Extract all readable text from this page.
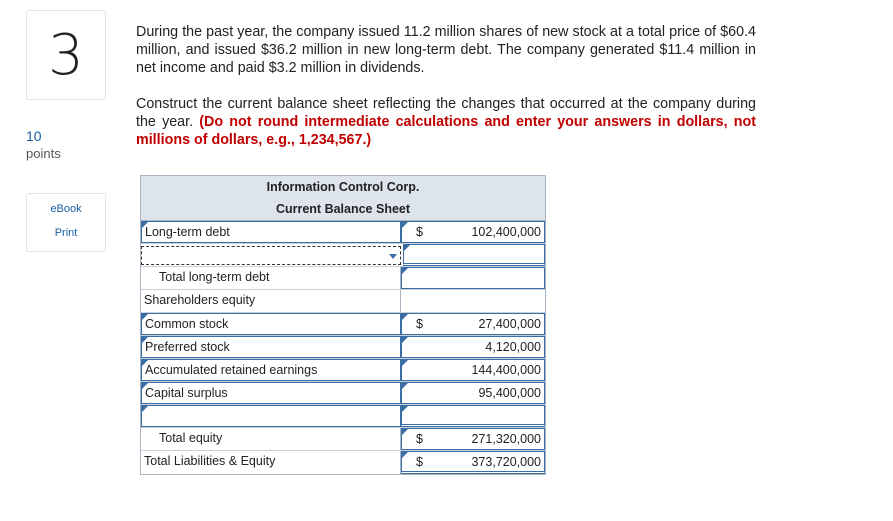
3
10
points
eBook
Print
During the past year, the company issued 11.2 million shares of new stock at a total price of $60.4 million, and issued $36.2 million in new long-term debt. The company generated $11.4 million in net income and paid $3.2 million in dividends.
Construct the current balance sheet reflecting the changes that occurred at the company during the year. (Do not round intermediate calculations and enter your answers in dollars, not millions of dollars, e.g., 1,234,567.)
Information Control Corp.
Current Balance Sheet
Long-term debt	$	102,400,000
Total long-term debt
Shareholders equity
Common stock	$	27,400,000
Preferred stock	4,120,000
Accumulated retained earnings	144,400,000
Capital surplus	95,400,000
Total equity	$	271,320,000
Total Liabilities & Equity	$	373,720,000
